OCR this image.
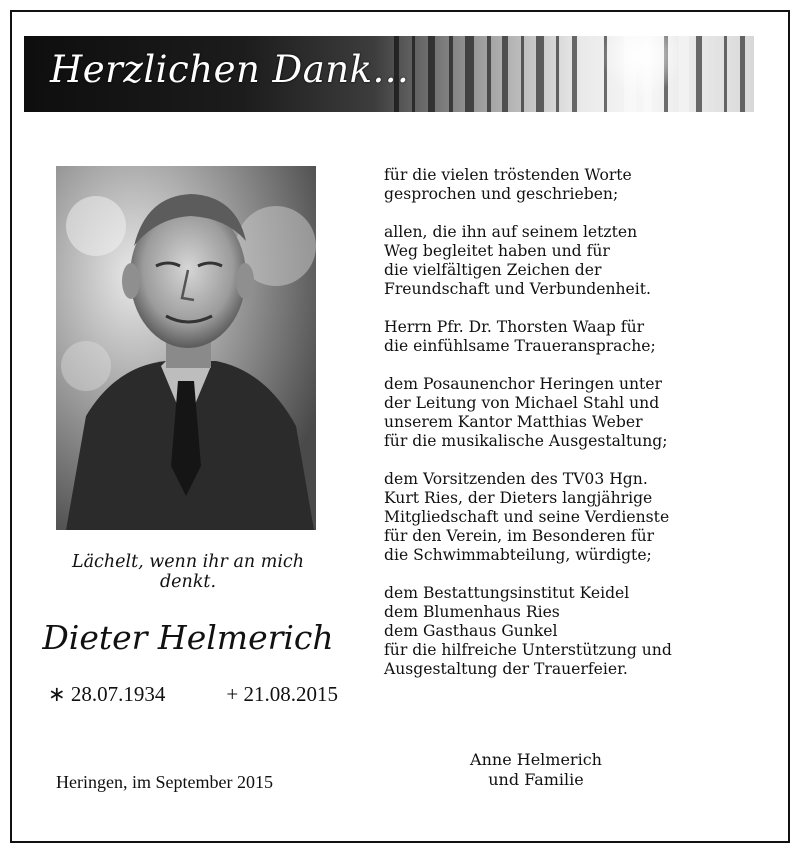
Herzlichen Dank...
Lächelt, wenn ihr an mich denkt.
Dieter Helmerich
∗ 28.07.1934	+ 21.08.2015
Heringen, im September 2015

für die vielen tröstenden Worte
gesprochen und geschrieben;

allen, die ihn auf seinem letzten
Weg begleitet haben und für
die vielfältigen Zeichen der
Freundschaft und Verbundenheit.

Herrn Pfr. Dr. Thorsten Waap für
die einfühlsame Traueransprache;

dem Posaunenchor Heringen unter
der Leitung von Michael Stahl und
unserem Kantor Matthias Weber
für die musikalische Ausgestaltung;

dem Vorsitzenden des TV03 Hgn.
Kurt Ries, der Dieters langjährige
Mitgliedschaft und seine Verdienste
für den Verein, im Besonderen für
die Schwimmabteilung, würdigte;

dem Bestattungsinstitut Keidel
dem Blumenhaus Ries
dem Gasthaus Gunkel
für die hilfreiche Unterstützung und
Ausgestaltung der Trauerfeier.

Anne Helmerich
und Familie
